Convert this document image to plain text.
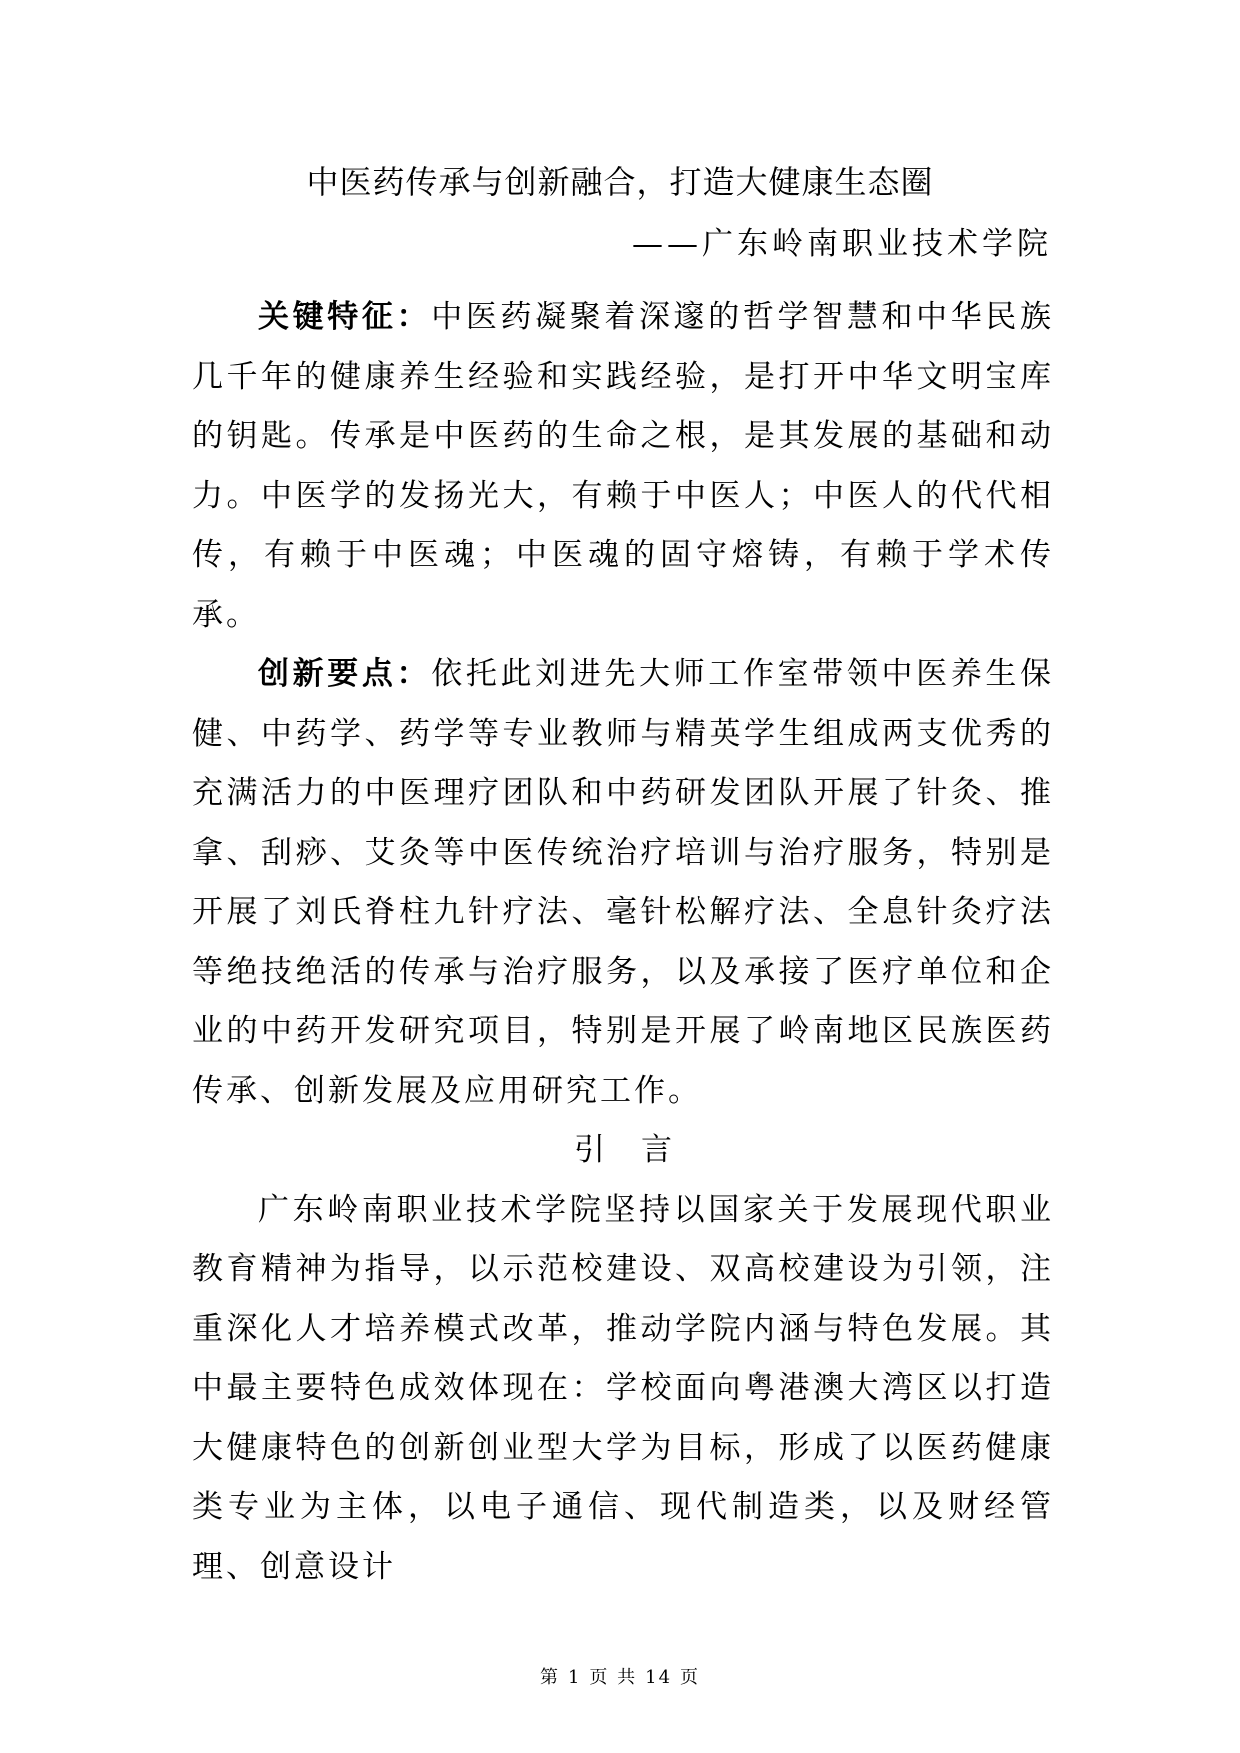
中医药传承与创新融合，打造大健康生态圈
——广东岭南职业技术学院

关键特征：中医药凝聚着深邃的哲学智慧和中华民族几千年的健康养生经验和实践经验，是打开中华文明宝库的钥匙。传承是中医药的生命之根，是其发展的基础和动力。中医学的发扬光大，有赖于中医人；中医人的代代相传，有赖于中医魂；中医魂的固守熔铸，有赖于学术传承。

创新要点：依托此刘进先大师工作室带领中医养生保健、中药学、药学等专业教师与精英学生组成两支优秀的充满活力的中医理疗团队和中药研发团队开展了针灸、推拿、刮痧、艾灸等中医传统治疗培训与治疗服务，特别是开展了刘氏脊柱九针疗法、毫针松解疗法、全息针灸疗法等绝技绝活的传承与治疗服务，以及承接了医疗单位和企业的中药开发研究项目，特别是开展了岭南地区民族医药传承、创新发展及应用研究工作。

引言

广东岭南职业技术学院坚持以国家关于发展现代职业教育精神为指导，以示范校建设、双高校建设为引领，注重深化人才培养模式改革，推动学院内涵与特色发展。其中最主要特色成效体现在：学校面向粤港澳大湾区以打造大健康特色的创新创业型大学为目标，形成了以医药健康类专业为主体，以电子通信、现代制造类，以及财经管理、创意设计

第 1 页 共 14 页
